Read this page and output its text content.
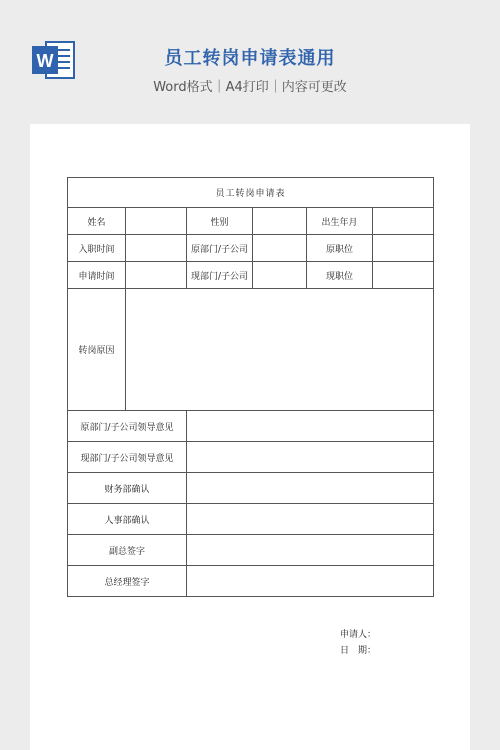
W	员工转岗申请表通用
Word格式｜A4打印｜内容可更改
员工转岗申请表					
姓名		性别		出生年月	
入职时间		原部门/子公司		原职位	
申请时间		现部门/子公司		现职位	
转岗原因					
原部门/子公司领导意见					
现部门/子公司领导意见					
财务部确认					
人事部确认					
副总签字					
总经理签字					
申请人：
日　期：
